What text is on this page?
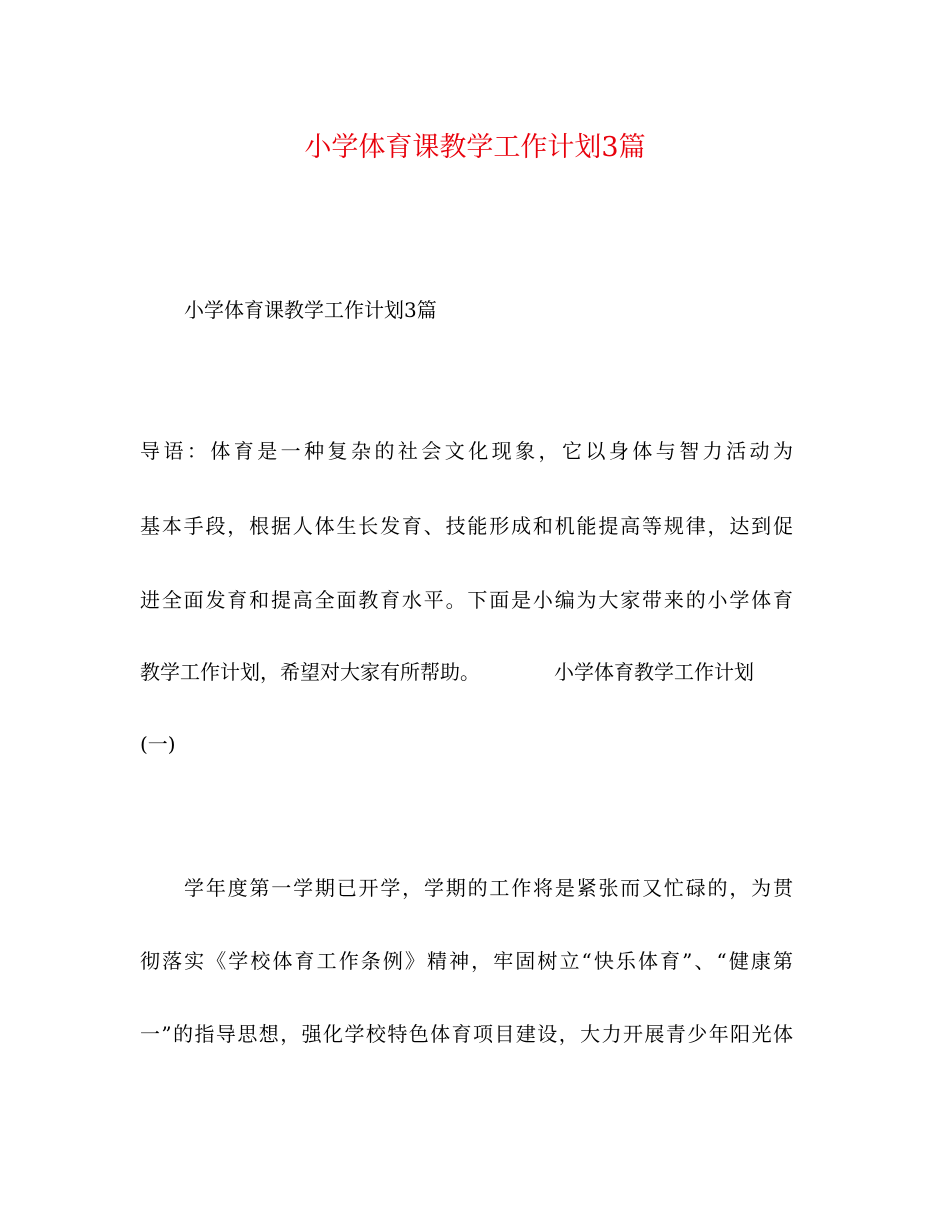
小学体育课教学工作计划3篇
小学体育课教学工作计划3篇
导语：体育是一种复杂的社会文化现象，它以身体与智力活动为
基本手段，根据人体生长发育、技能形成和机能提高等规律，达到促
进全面发育和提高全面教育水平。下面是小编为大家带来的小学体育
教学工作计划，希望对大家有所帮助。	小学体育教学工作计划
(一)
学年度第一学期已开学，学期的工作将是紧张而又忙碌的，为贯
彻落实《学校体育工作条例》精神，牢固树立“快乐体育”、“健康第
一”的指导思想，强化学校特色体育项目建设，大力开展青少年阳光体
